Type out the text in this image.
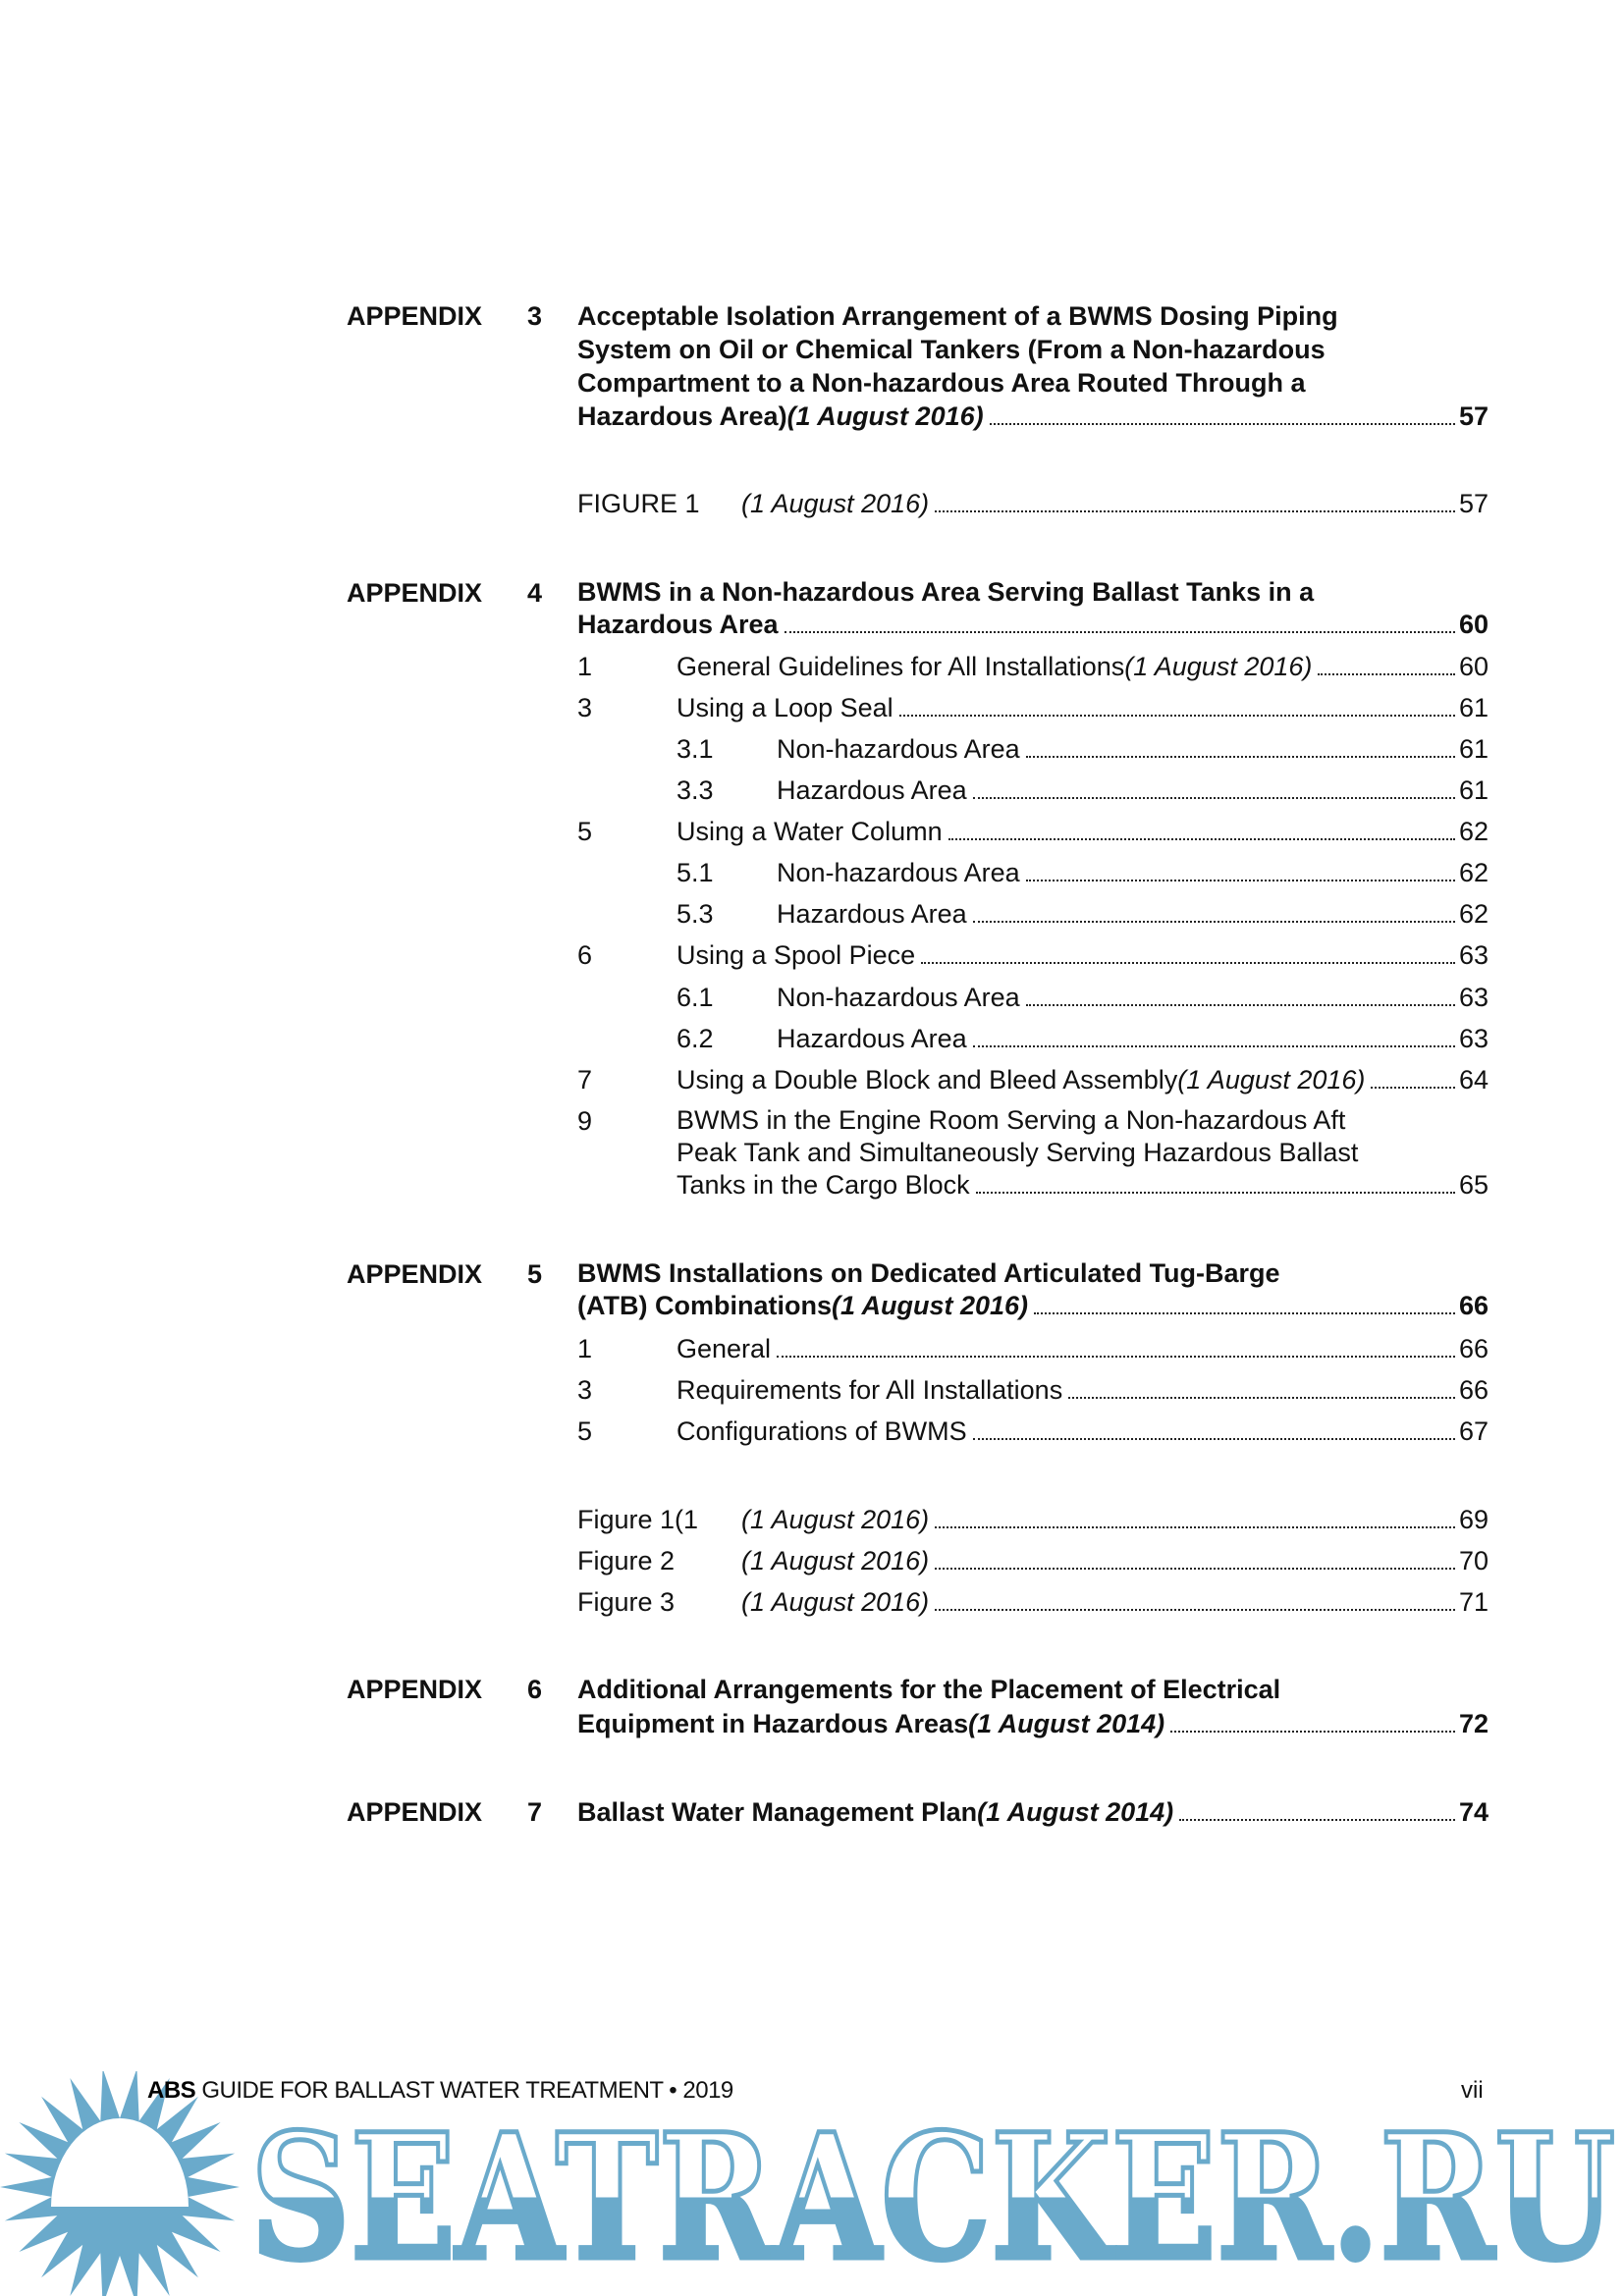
APPENDIX 3 Acceptable Isolation Arrangement of a BWMS Dosing Piping
System on Oil or Chemical Tankers (From a Non-hazardous
Compartment to a Non-hazardous Area Routed Through a
Hazardous Area) (1 August 2016)	57
FIGURE 1 (1 August 2016)	57
APPENDIX 4 BWMS in a Non-hazardous Area Serving Ballast Tanks in a
Hazardous Area	60
1	General Guidelines for All Installations (1 August 2016)	60
3	Using a Loop Seal	61
3.1 Non-hazardous Area	61
3.3 Hazardous Area	61
5	Using a Water Column	62
5.1 Non-hazardous Area	62
5.3 Hazardous Area	62
6	Using a Spool Piece	63
6.1 Non-hazardous Area	63
6.2 Hazardous Area	63
7	Using a Double Block and Bleed Assembly (1 August 2016)	64
9	BWMS in the Engine Room Serving a Non-hazardous Aft
Peak Tank and Simultaneously Serving Hazardous Ballast
Tanks in the Cargo Block	65
APPENDIX 5 BWMS Installations on Dedicated Articulated Tug-Barge
(ATB) Combinations (1 August 2016)	66
1	General	66
3	Requirements for All Installations	66
5	Configurations of BWMS	67
Figure 1(1 (1 August 2016)	69
Figure 2	(1 August 2016)	70
Figure 3	(1 August 2016)	71
APPENDIX 6 Additional Arrangements for the Placement of Electrical
Equipment in Hazardous Areas (1 August 2014)	72
APPENDIX 7 Ballast Water Management Plan (1 August 2014)	74
SEATRACKER.RU
ABS GUIDE FOR BALLAST WATER TREATMENT • 2019	vii
